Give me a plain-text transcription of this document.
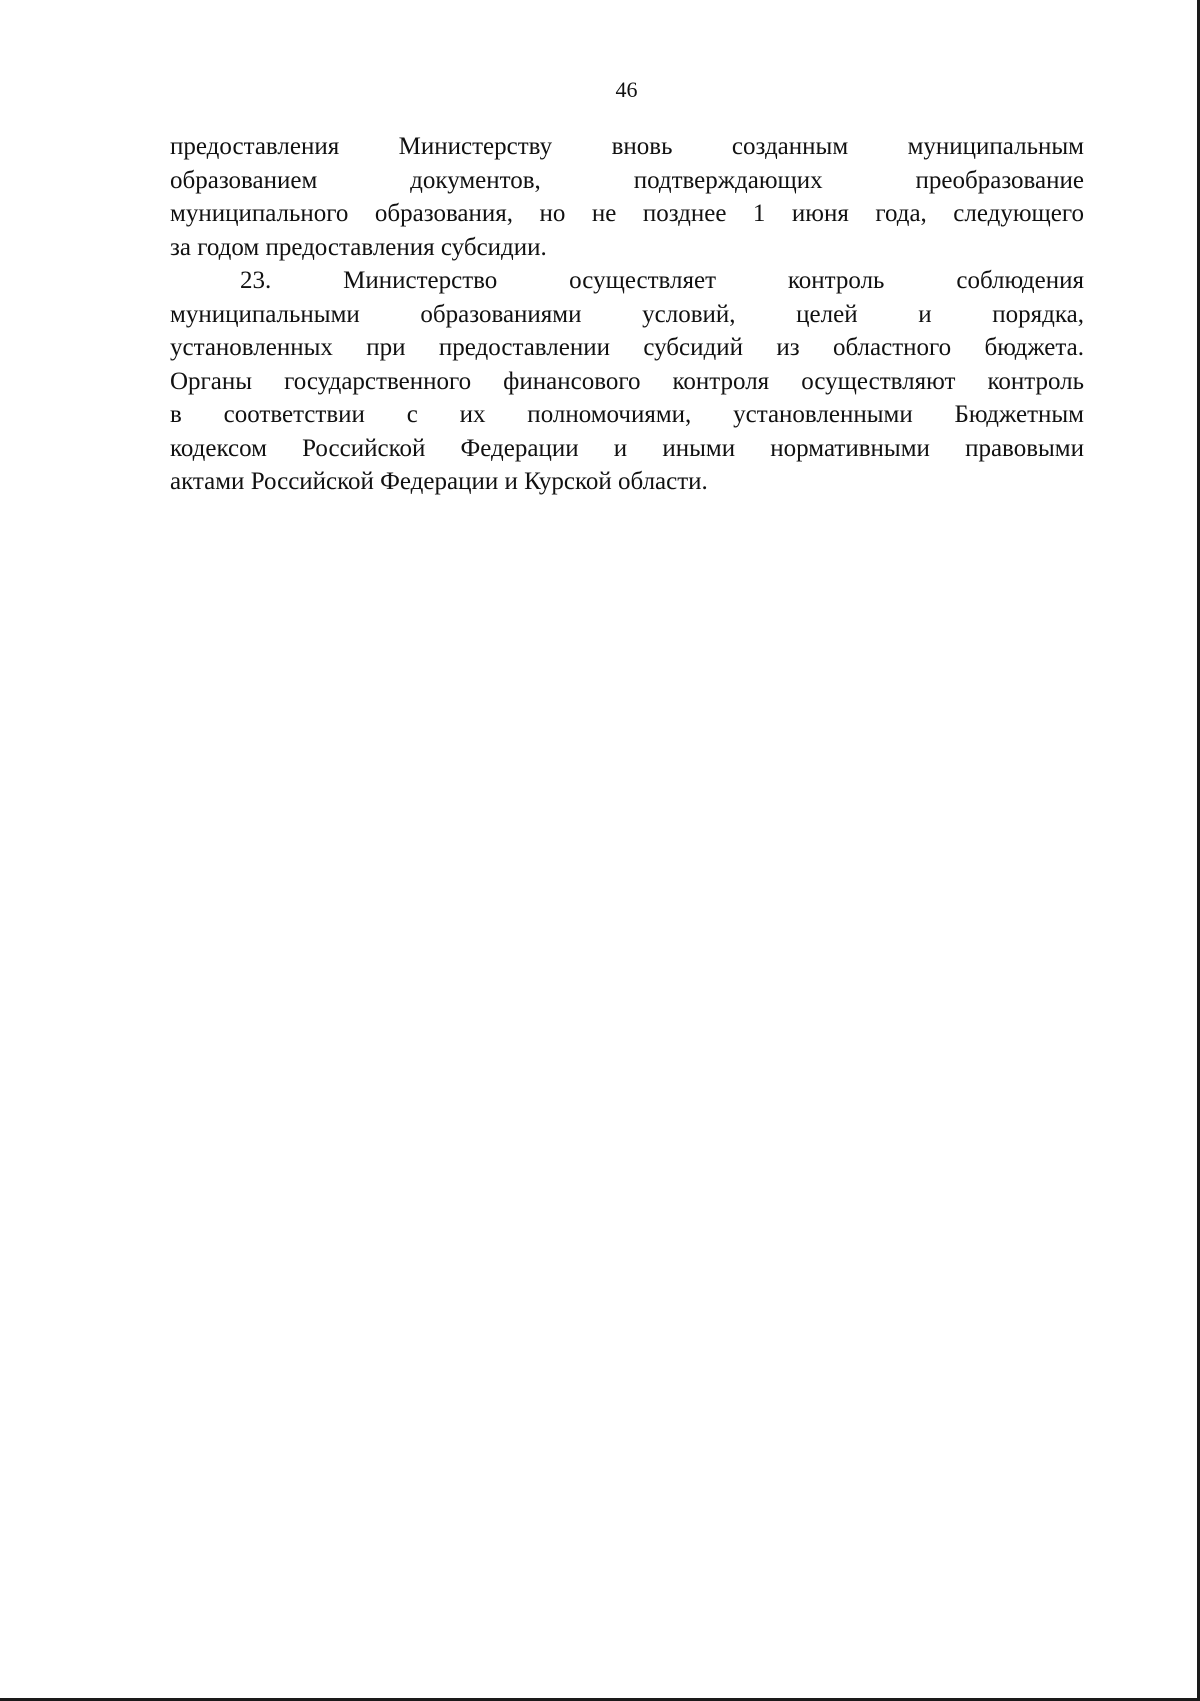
46
предоставления Министерству вновь созданным муниципальным
образованием документов, подтверждающих преобразование
муниципального образования, но не позднее 1 июня года, следующего
за годом предоставления субсидии.
23. Министерство осуществляет контроль соблюдения
муниципальными образованиями условий, целей и порядка,
установленных при предоставлении субсидий из областного бюджета.
Органы государственного финансового контроля осуществляют контроль
в соответствии с их полномочиями, установленными Бюджетным
кодексом Российской Федерации и иными нормативными правовыми
актами Российской Федерации и Курской области.
